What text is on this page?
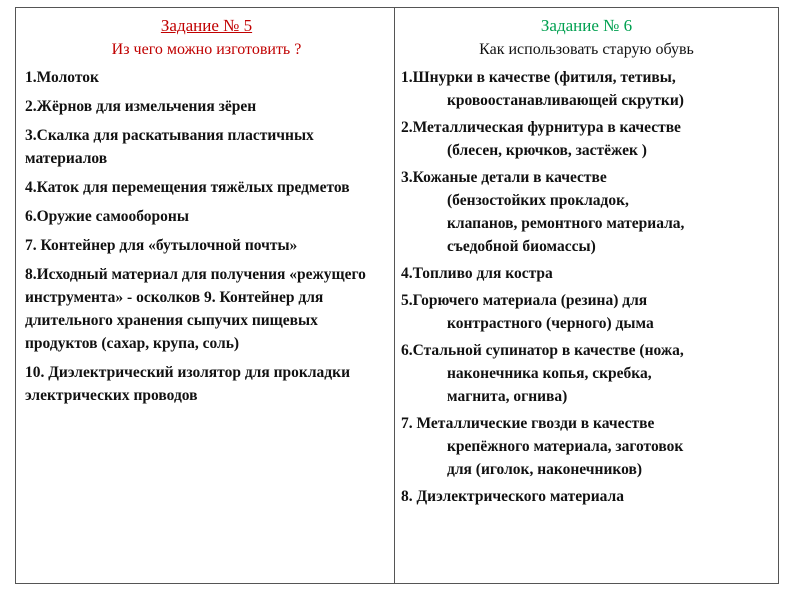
Задание № 5
Из чего можно изготовить ?
1.Молоток
2.Жёрнов для измельчения зёрен
3.Скалка для раскатывания пластичных материалов
4.Каток для перемещения тяжёлых предметов
6.Оружие самообороны
7. Контейнер для «бутылочной почты»
8.Исходный материал для получения «режущего инструмента» - осколков 9. Контейнер для длительного хранения сыпучих пищевых продуктов (сахар, крупа, соль)
10. Диэлектрический изолятор для прокладки электрических проводов
Задание № 6
Как использовать старую обувь
1.Шнурки в качестве (фитиля, тетивы,
кровоостанавливающей скрутки)
2.Металлическая фурнитура в качестве
(блесен, крючков, застёжек )
3.Кожаные детали в качестве
(бензостойких прокладок,
клапанов, ремонтного материала,
съедобной биомассы)
4.Топливо для костра
5.Горючего материала (резина) для
контрастного (черного) дыма
6.Стальной супинатор в качестве (ножа,
наконечника копья, скребка,
магнита, огнива)
7. Металлические гвозди в качестве
крепёжного материала, заготовок
для (иголок, наконечников)
8. Диэлектрического материала
